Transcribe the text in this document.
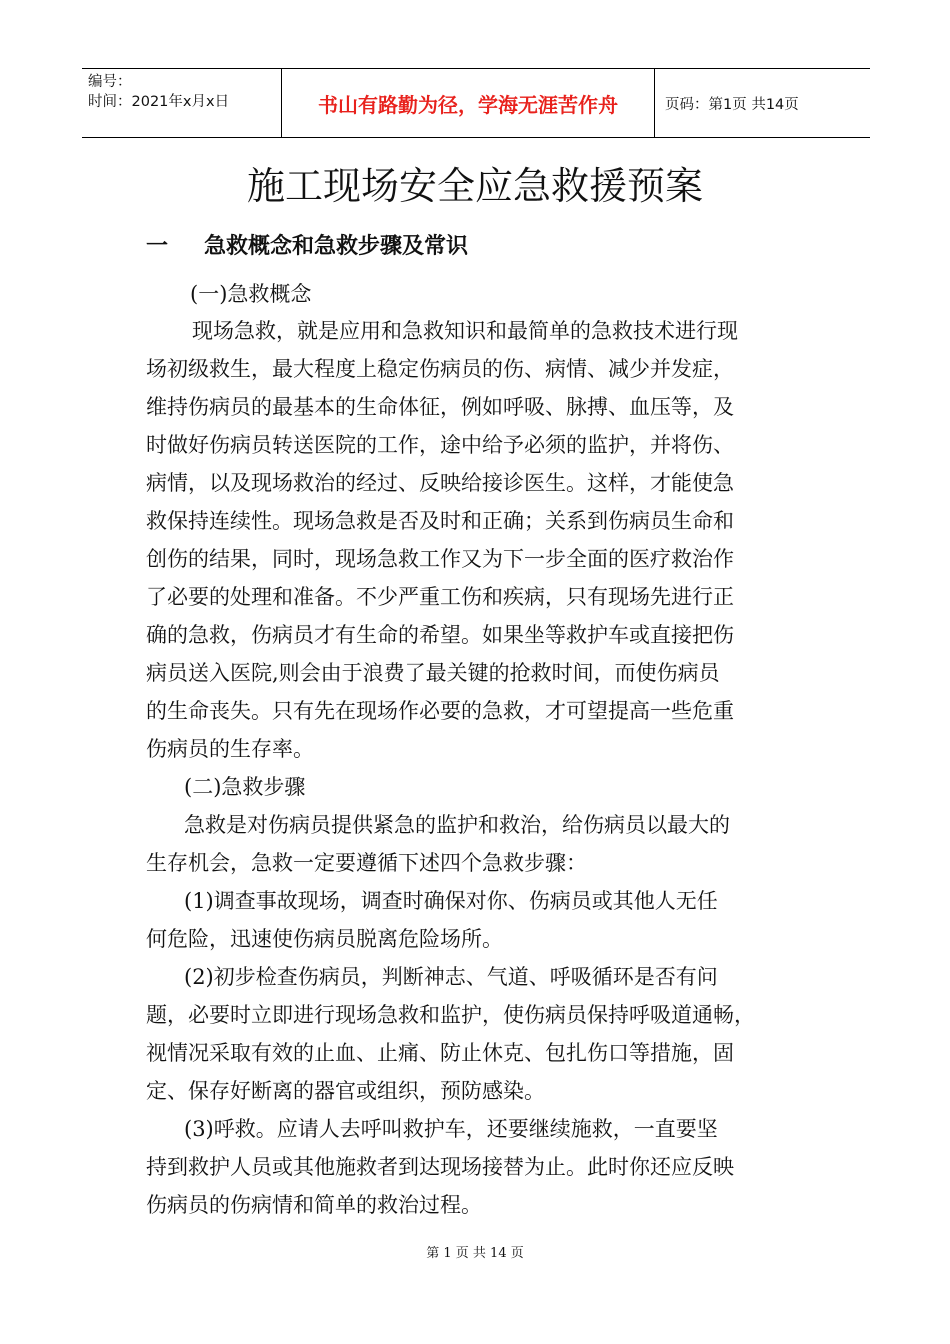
编号：
时间：2021年x月x日	书山有路勤为径，学海无涯苦作舟	页码：第1页 共14页
施工现场安全应急救援预案
一 急救概念和急救步骤及常识
(一)急救概念
现场急救，就是应用和急救知识和最简单的急救技术进行现
场初级救生，最大程度上稳定伤病员的伤、病情、减少并发症，
维持伤病员的最基本的生命体征，例如呼吸、脉搏、血压等，及
时做好伤病员转送医院的工作，途中给予必须的监护，并将伤、
病情，以及现场救治的经过、反映给接诊医生。这样，才能使急
救保持连续性。现场急救是否及时和正确；关系到伤病员生命和
创伤的结果，同时，现场急救工作又为下一步全面的医疗救治作
了必要的处理和准备。不少严重工伤和疾病，只有现场先进行正
确的急救，伤病员才有生命的希望。如果坐等救护车或直接把伤
病员送入医院,则会由于浪费了最关键的抢救时间，而使伤病员
的生命丧失。只有先在现场作必要的急救，才可望提高一些危重
伤病员的生存率。
(二)急救步骤
急救是对伤病员提供紧急的监护和救治，给伤病员以最大的
生存机会，急救一定要遵循下述四个急救步骤：
(1)调查事故现场，调查时确保对你、伤病员或其他人无任
何危险，迅速使伤病员脱离危险场所。
(2)初步检查伤病员，判断神志、气道、呼吸循环是否有问
题，必要时立即进行现场急救和监护，使伤病员保持呼吸道通畅，
视情况采取有效的止血、止痛、防止休克、包扎伤口等措施，固
定、保存好断离的器官或组织，预防感染。
(3)呼救。应请人去呼叫救护车，还要继续施救，一直要坚
持到救护人员或其他施救者到达现场接替为止。此时你还应反映
伤病员的伤病情和简单的救治过程。
第 1 页 共 14 页
